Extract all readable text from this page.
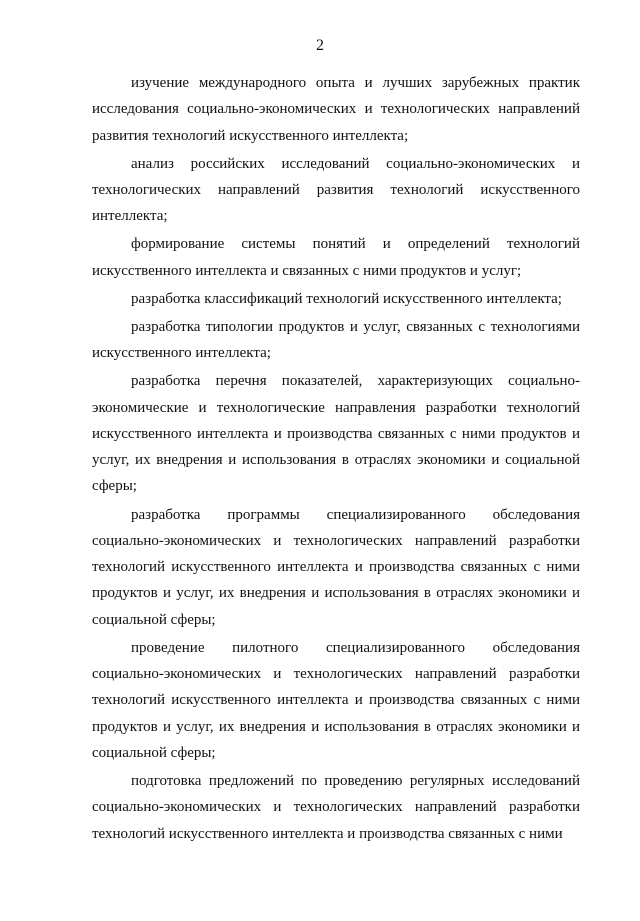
2

изучение международного опыта и лучших зарубежных практик исследования социально-экономических и технологических направлений развития технологий искусственного интеллекта;

анализ российских исследований социально-экономических и технологических направлений развития технологий искусственного интеллекта;

формирование системы понятий и определений технологий искусственного интеллекта и связанных с ними продуктов и услуг;

разработка классификаций технологий искусственного интеллекта;

разработка типологии продуктов и услуг, связанных с технологиями искусственного интеллекта;

разработка перечня показателей, характеризующих социально-экономические и технологические направления разработки технологий искусственного интеллекта и производства связанных с ними продуктов и услуг, их внедрения и использования в отраслях экономики и социальной сферы;

разработка программы специализированного обследования социально-экономических и технологических направлений разработки технологий искусственного интеллекта и производства связанных с ними продуктов и услуг, их внедрения и использования в отраслях экономики и социальной сферы;

проведение пилотного специализированного обследования социально-экономических и технологических направлений разработки технологий искусственного интеллекта и производства связанных с ними продуктов и услуг, их внедрения и использования в отраслях экономики и социальной сферы;

подготовка предложений по проведению регулярных исследований социально-экономических и технологических направлений разработки технологий искусственного интеллекта и производства связанных с ними
